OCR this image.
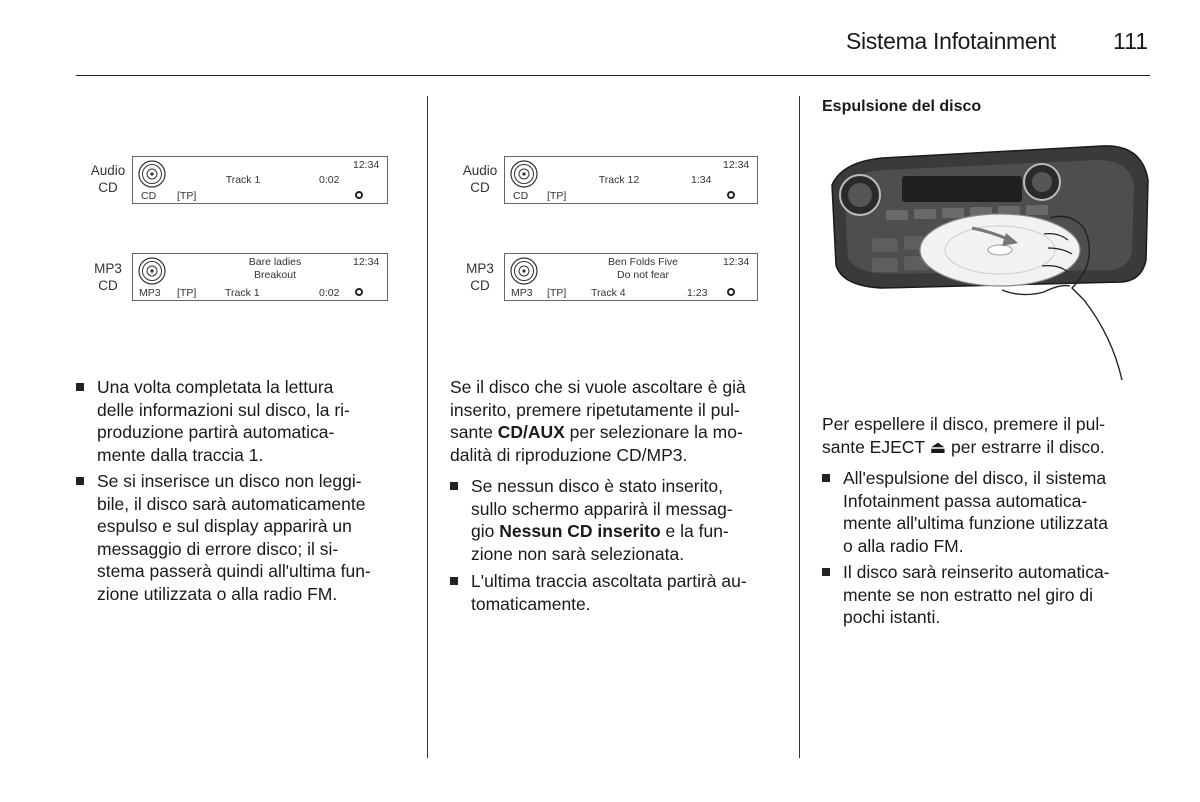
Sistema Infotainment 111
Audio
CD
CD [TP]
Track 1	0:02
12:34
MP3
CD	MP3 [TP]
Bare ladies
Breakout
Track 1	0:02
12:34
Una volta completata la lettura
delle informazioni sul disco, la ri-
produzione partirà automatica-
mente dalla traccia 1.
Se si inserisce un disco non leggi-
bile, il disco sarà automaticamente
espulso e sul display apparirà un
messaggio di errore disco; il si-
stema passerà quindi all'ultima fun-
zione utilizzata o alla radio FM.
Audio
CD
CD [TP]
Track 12	1:34
12:34
MP3
CD	MP3 [TP]
Ben Folds Five
Do not fear
Track 4	1:23
12:34
Se il disco che si vuole ascoltare è già
inserito, premere ripetutamente il pul-
sante CD/AUX per selezionare la mo-
dalità di riproduzione CD/MP3.
Se nessun disco è stato inserito,
sullo schermo apparirà il messag-
gio Nessun CD inserito e la fun-
zione non sarà selezionata.
L'ultima traccia ascoltata partirà au-
tomaticamente.
Espulsione del disco
Per espellere il disco, premere il pul-
sante EJECT ⏏ per estrarre il disco.
All'espulsione del disco, il sistema
Infotainment passa automatica-
mente all'ultima funzione utilizzata
o alla radio FM.
Il disco sarà reinserito automatica-
mente se non estratto nel giro di
pochi istanti.
